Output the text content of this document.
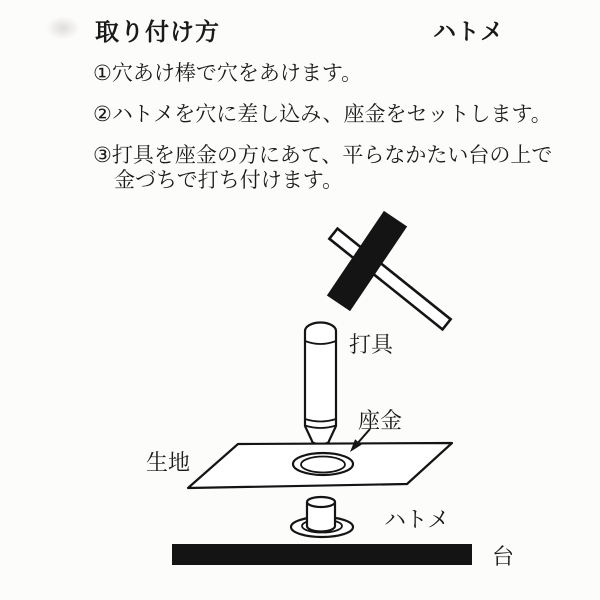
取り付け方	ハトメ

①穴あけ棒で穴をあけます。

②ハトメを穴に差し込み、座金をセットします。

③打具を座金の方にあて、平らなかたい台の上で
金づちで打ち付けます。

打具
座金
生地
ハトメ
台
